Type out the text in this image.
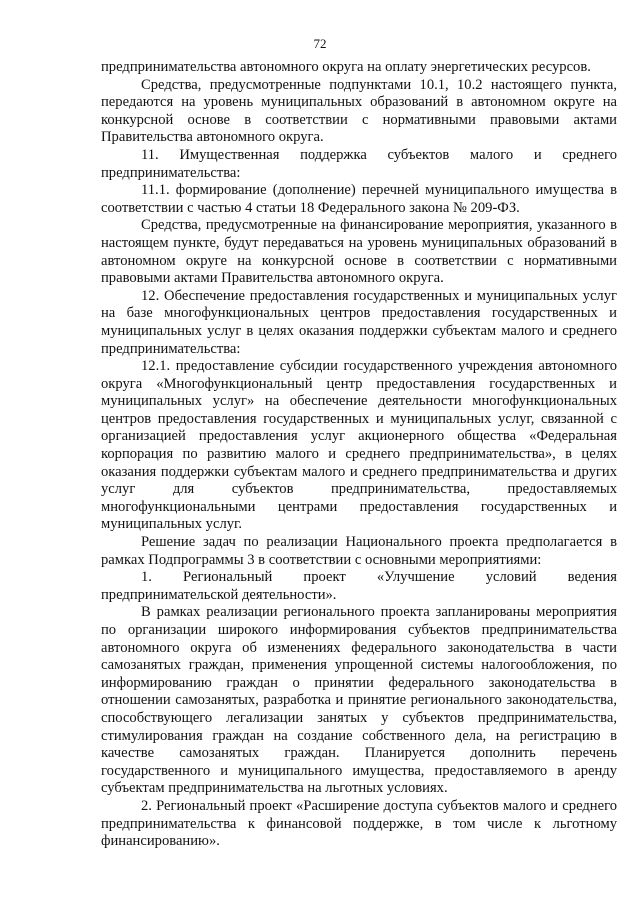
72

предпринимательства автономного округа на оплату энергетических ресурсов.

Средства, предусмотренные подпунктами 10.1, 10.2 настоящего пункта, передаются на уровень муниципальных образований в автономном округе на конкурсной основе в соответствии с нормативными правовыми актами Правительства автономного округа.

11. Имущественная поддержка субъектов малого и среднего предпринимательства:

11.1. формирование (дополнение) перечней муниципального имущества в соответствии с частью 4 статьи 18 Федерального закона № 209-ФЗ.

Средства, предусмотренные на финансирование мероприятия, указанного в настоящем пункте, будут передаваться на уровень муниципальных образований в автономном округе на конкурсной основе в соответствии с нормативными правовыми актами Правительства автономного округа.

12. Обеспечение предоставления государственных и муниципальных услуг на базе многофункциональных центров предоставления государственных и муниципальных услуг в целях оказания поддержки субъектам малого и среднего предпринимательства:

12.1. предоставление субсидии государственного учреждения автономного округа «Многофункциональный центр предоставления государственных и муниципальных услуг» на обеспечение деятельности многофункциональных центров предоставления государственных и муниципальных услуг, связанной с организацией предоставления услуг акционерного общества «Федеральная корпорация по развитию малого и среднего предпринимательства», в целях оказания поддержки субъектам малого и среднего предпринимательства и других услуг для субъектов предпринимательства, предоставляемых многофункциональными центрами предоставления государственных и муниципальных услуг.

Решение задач по реализации Национального проекта предполагается в рамках Подпрограммы 3 в соответствии с основными мероприятиями:

1. Региональный проект «Улучшение условий ведения предпринимательской деятельности».

В рамках реализации регионального проекта запланированы мероприятия по организации широкого информирования субъектов предпринимательства автономного округа об изменениях федерального законодательства в части самозанятых граждан, применения упрощенной системы налогообложения, по информированию граждан о принятии федерального законодательства в отношении самозанятых, разработка и принятие регионального законодательства, способствующего легализации занятых у субъектов предпринимательства, стимулирования граждан на создание собственного дела, на регистрацию в качестве самозанятых граждан. Планируется дополнить перечень государственного и муниципального имущества, предоставляемого в аренду субъектам предпринимательства на льготных условиях.

2. Региональный проект «Расширение доступа субъектов малого и среднего предпринимательства к финансовой поддержке, в том числе к льготному финансированию».
